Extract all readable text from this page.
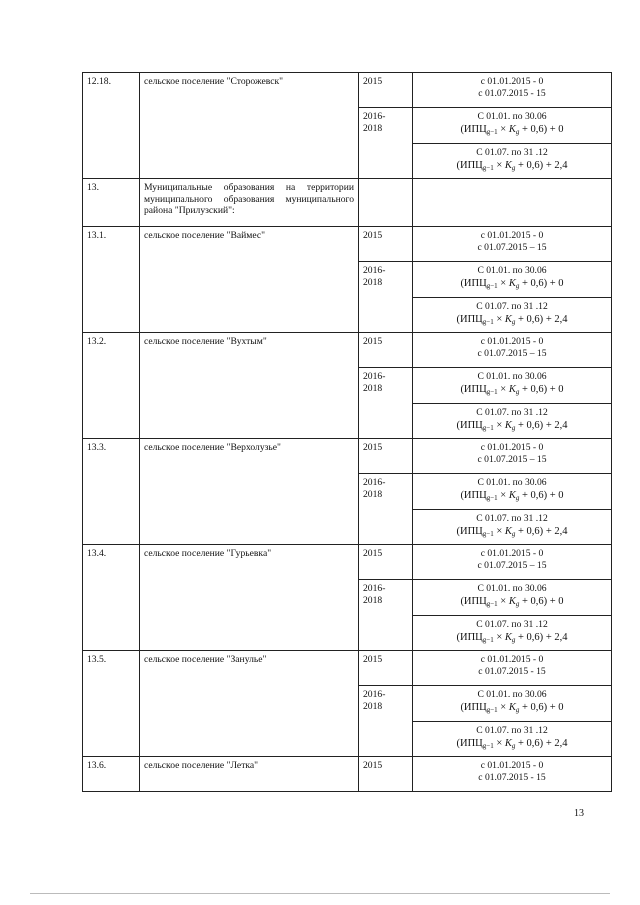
12.18.	сельское поселение "Сторожевск"	2015	с 01.01.2015 - 0
с 01.07.2015 - 15

		2016-
2018	С 01.01. по 30.06
$(ИПЦ_{g-1} \times K_g + 0,6) + 0$

			С 01.07. по 31 .12
$(ИПЦ_{g-1} \times K_g + 0,6) + 2,4$

13.	Муниципальные образования на территории муниципального образования муниципального района "Прилузский":		
13.1.	сельское поселение "Ваймес"	2015	с 01.01.2015 - 0
с 01.07.2015 – 15

		2016-
2018	С 01.01. по 30.06
$(ИПЦ_{g-1} \times K_g + 0,6) + 0$

			С 01.07. по 31 .12
$(ИПЦ_{g-1} \times K_g + 0,6) + 2,4$

13.2.	сельское поселение "Вухтым"	2015	с 01.01.2015 - 0
с 01.07.2015 – 15

		2016-
2018	С 01.01. по 30.06
$(ИПЦ_{g-1} \times K_g + 0,6) + 0$

			С 01.07. по 31 .12
$(ИПЦ_{g-1} \times K_g + 0,6) + 2,4$

13.3.	сельское поселение "Верхолузье"	2015	с 01.01.2015 - 0
с 01.07.2015 – 15

		2016-
2018	С 01.01. по 30.06
$(ИПЦ_{g-1} \times K_g + 0,6) + 0$

			С 01.07. по 31 .12
$(ИПЦ_{g-1} \times K_g + 0,6) + 2,4$

13.4.	сельское поселение "Гурьевка"	2015	с 01.01.2015 - 0
с 01.07.2015 – 15

		2016-
2018	С 01.01. по 30.06
$(ИПЦ_{g-1} \times K_g + 0,6) + 0$

			С 01.07. по 31 .12
$(ИПЦ_{g-1} \times K_g + 0,6) + 2,4$

13.5.	сельское поселение "Занулье"	2015	с 01.01.2015 - 0
с 01.07.2015 - 15

		2016-
2018	С 01.01. по 30.06
$(ИПЦ_{g-1} \times K_g + 0,6) + 0$

			С 01.07. по 31 .12
$(ИПЦ_{g-1} \times K_g + 0,6) + 2,4$

13.6.	сельское поселение "Летка"	2015	с 01.01.2015 - 0
с 01.07.2015 - 15
13
